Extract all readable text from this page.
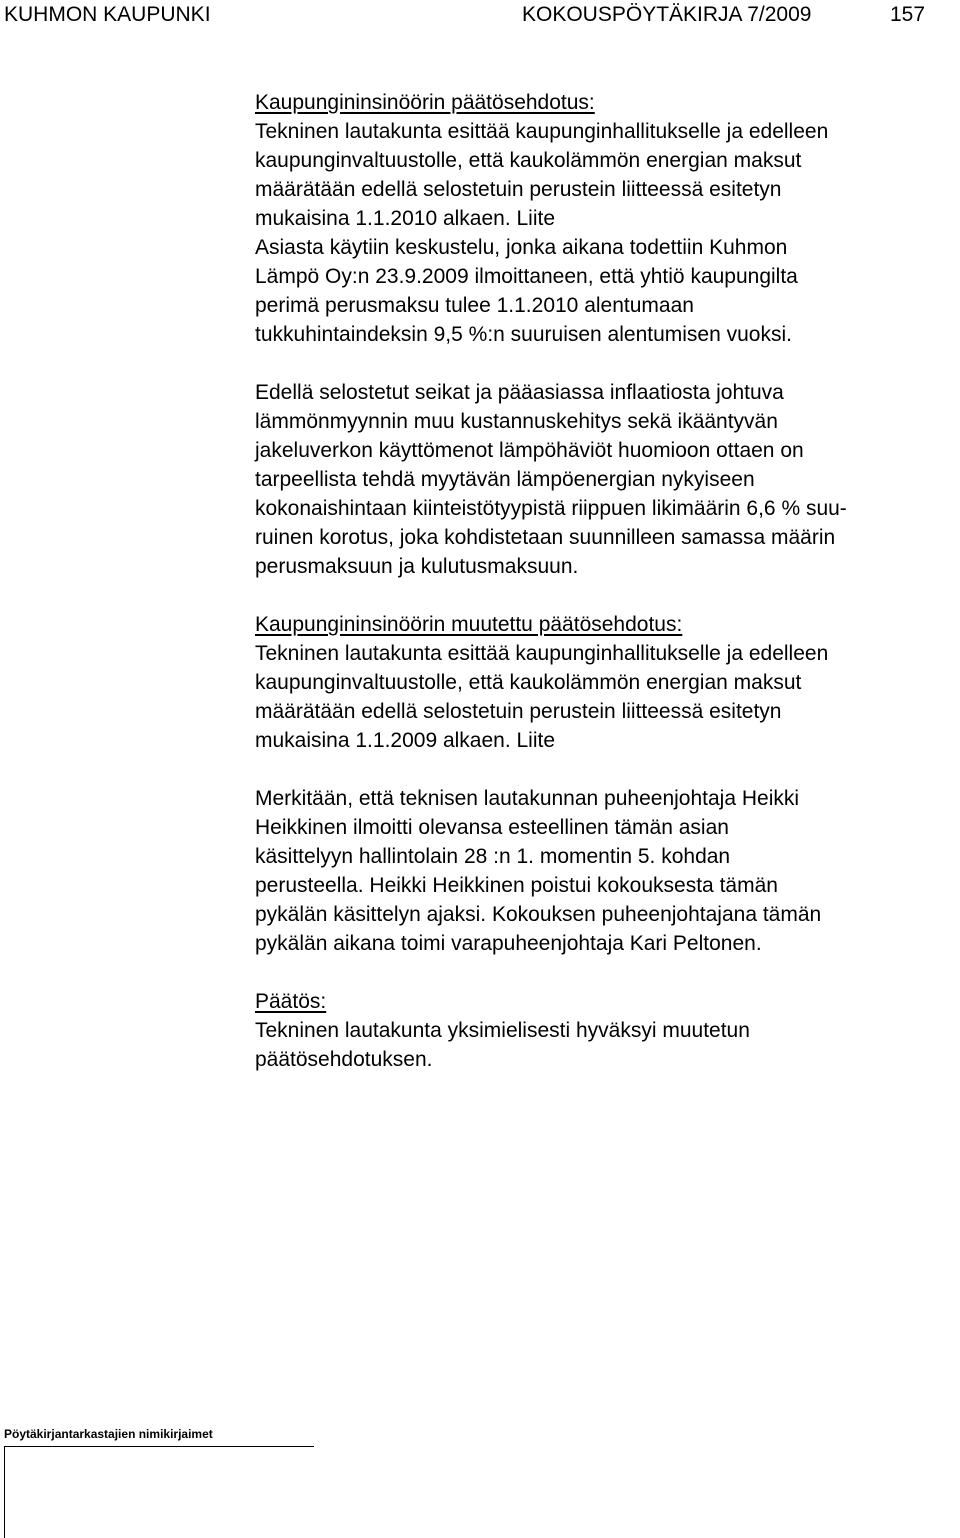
KUHMON KAUPUNKI	KOKOUSPÖYTÄKIRJA 7/2009	157
Kaupungininsinöörin päätösehdotus:
Tekninen lautakunta esittää kaupunginhallitukselle ja edelleen
kaupunginvaltuustolle, että kaukolämmön energian maksut
määrätään edellä selostetuin perustein liitteessä esitetyn
mukaisina 1.1.2010 alkaen. Liite
Asiasta käytiin keskustelu, jonka aikana todettiin Kuhmon
Lämpö Oy:n 23.9.2009 ilmoittaneen, että yhtiö kaupungilta
perimä perusmaksu tulee 1.1.2010 alentumaan
tukkuhintaindeksin 9,5 %:n suuruisen alentumisen vuoksi.
Edellä selostetut seikat ja pääasiassa inflaatiosta johtuva
lämmönmyynnin muu kustannuskehitys sekä ikääntyvän
jakeluverkon käyttömenot lämpöhäviöt huomioon ottaen on
tarpeellista tehdä myytävän lämpöenergian nykyiseen
kokonaishintaan kiinteistötyypistä riippuen likimäärin 6,6 % suu-
ruinen korotus, joka kohdistetaan suunnilleen samassa määrin
perusmaksuun ja kulutusmaksuun.
Kaupungininsinöörin muutettu päätösehdotus:
Tekninen lautakunta esittää kaupunginhallitukselle ja edelleen
kaupunginvaltuustolle, että kaukolämmön energian maksut
määrätään edellä selostetuin perustein liitteessä esitetyn
mukaisina 1.1.2009 alkaen. Liite
Merkitään, että teknisen lautakunnan puheenjohtaja Heikki
Heikkinen ilmoitti olevansa esteellinen tämän asian
käsittelyyn hallintolain 28 :n 1. momentin 5. kohdan
perusteella. Heikki Heikkinen poistui kokouksesta tämän
pykälän käsittelyn ajaksi. Kokouksen puheenjohtajana tämän
pykälän aikana toimi varapuheenjohtaja Kari Peltonen.
Päätös:
Tekninen lautakunta yksimielisesti hyväksyi muutetun
päätösehdotuksen.
Pöytäkirjantarkastajien nimikirjaimet
